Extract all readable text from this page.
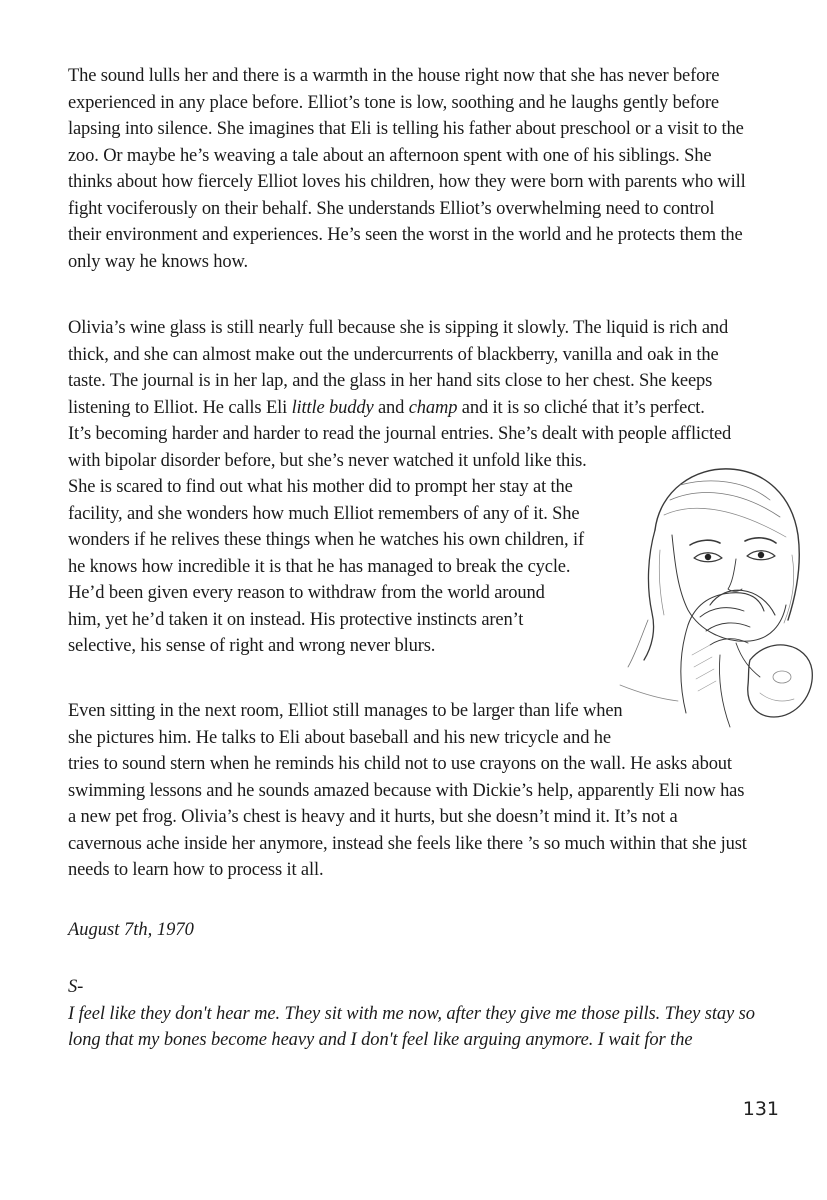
The sound lulls her and there is a warmth in the house right now that she has never before
experienced in any place before. Elliot’s tone is low, soothing and he laughs gently before
lapsing into silence. She imagines that Eli is telling his father about preschool or a visit to the
zoo. Or maybe he’s weaving a tale about an afternoon spent with one of his siblings. She
thinks about how fiercely Elliot loves his children, how they were born with parents who will
fight vociferously on their behalf. She understands Elliot’s overwhelming need to control
their environment and experiences. He’s seen the worst in the world and he protects them the
only way he knows how.

Olivia’s wine glass is still nearly full because she is sipping it slowly. The liquid is rich and
thick, and she can almost make out the undercurrents of blackberry, vanilla and oak in the
taste. The journal is in her lap, and the glass in her hand sits close to her chest. She keeps
listening to Elliot. He calls Eli little buddy and champ and it is so cliché that it’s perfect.
It’s becoming harder and harder to read the journal entries. She’s dealt with people afflicted
with bipolar disorder before, but she’s never watched it unfold like this.
She is scared to find out what his mother did to prompt her stay at the
facility, and she wonders how much Elliot remembers of any of it. She
wonders if he relives these things when he watches his own children, if
he knows how incredible it is that he has managed to break the cycle.
He’d been given every reason to withdraw from the world around
him, yet he’d taken it on instead. His protective instincts aren’t
selective, his sense of right and wrong never blurs.

Even sitting in the next room, Elliot still manages to be larger than life when
she pictures him. He talks to Eli about baseball and his new tricycle and he
tries to sound stern when he reminds his child not to use crayons on the wall. He asks about
swimming lessons and he sounds amazed because with Dickie’s help, apparently Eli now has
a new pet frog. Olivia’s chest is heavy and it hurts, but she doesn’t mind it. It’s not a
cavernous ache inside her anymore, instead she feels like there ’s so much within that she just
needs to learn how to process it all.

August 7th, 1970
S-
I feel like they don't hear me. They sit with me now, after they give me those pills. They stay so
long that my bones become heavy and I don't feel like arguing anymore. I wait for the
131
